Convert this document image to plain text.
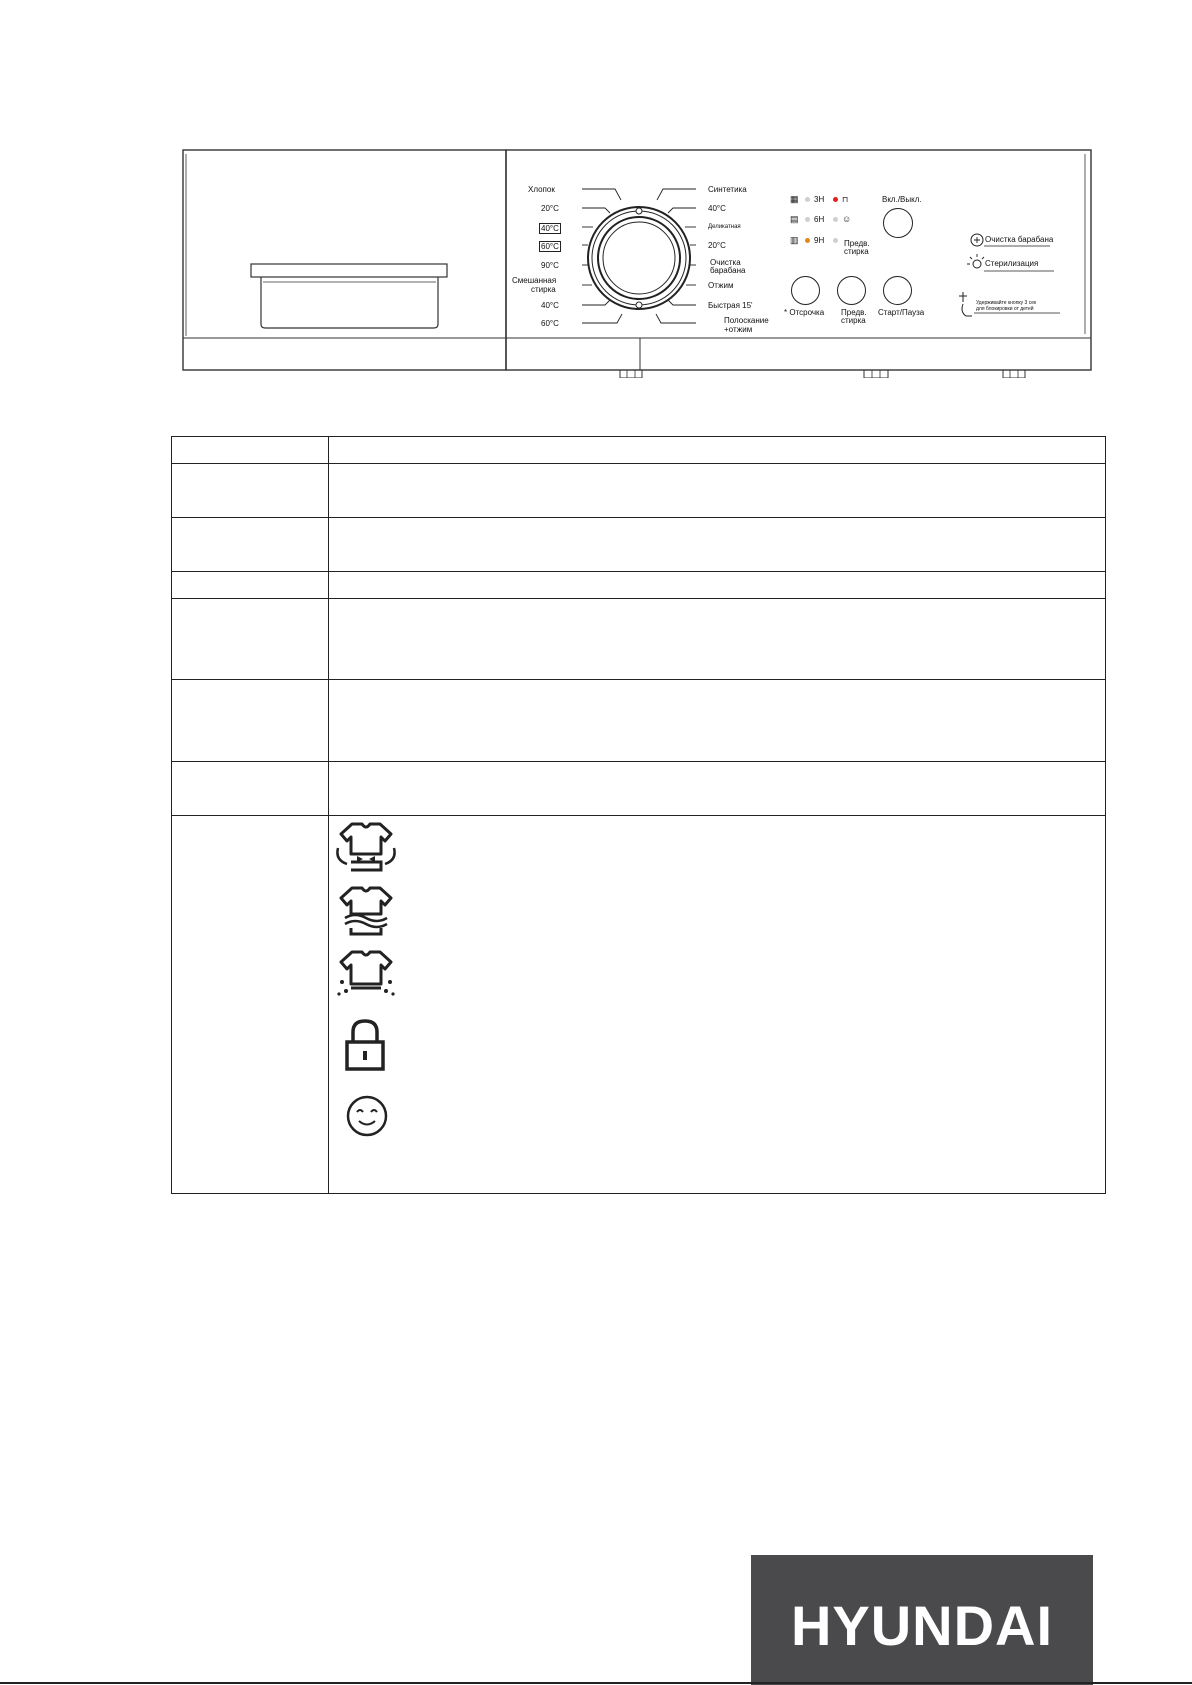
Хлопок
20°C
40°C
60°C
90°C
Смешанная
стирка
40°C
60°C
Синтетика
40°C
Деликатная
20°C
Очистка
барабана
Отжим
Быстрая 15'
Полоскание
+отжим
▦
▤
▥
3H
6H
9H
⊓
☺
Предв.
стирка
Вкл./Выкл.
* Отсрочка Предв.
стирка
Старт/Пауза
Очистка барабана
Стерилизация
Удерживайте кнопку 3 сек
для блокировки от детей

HYUNDAI
